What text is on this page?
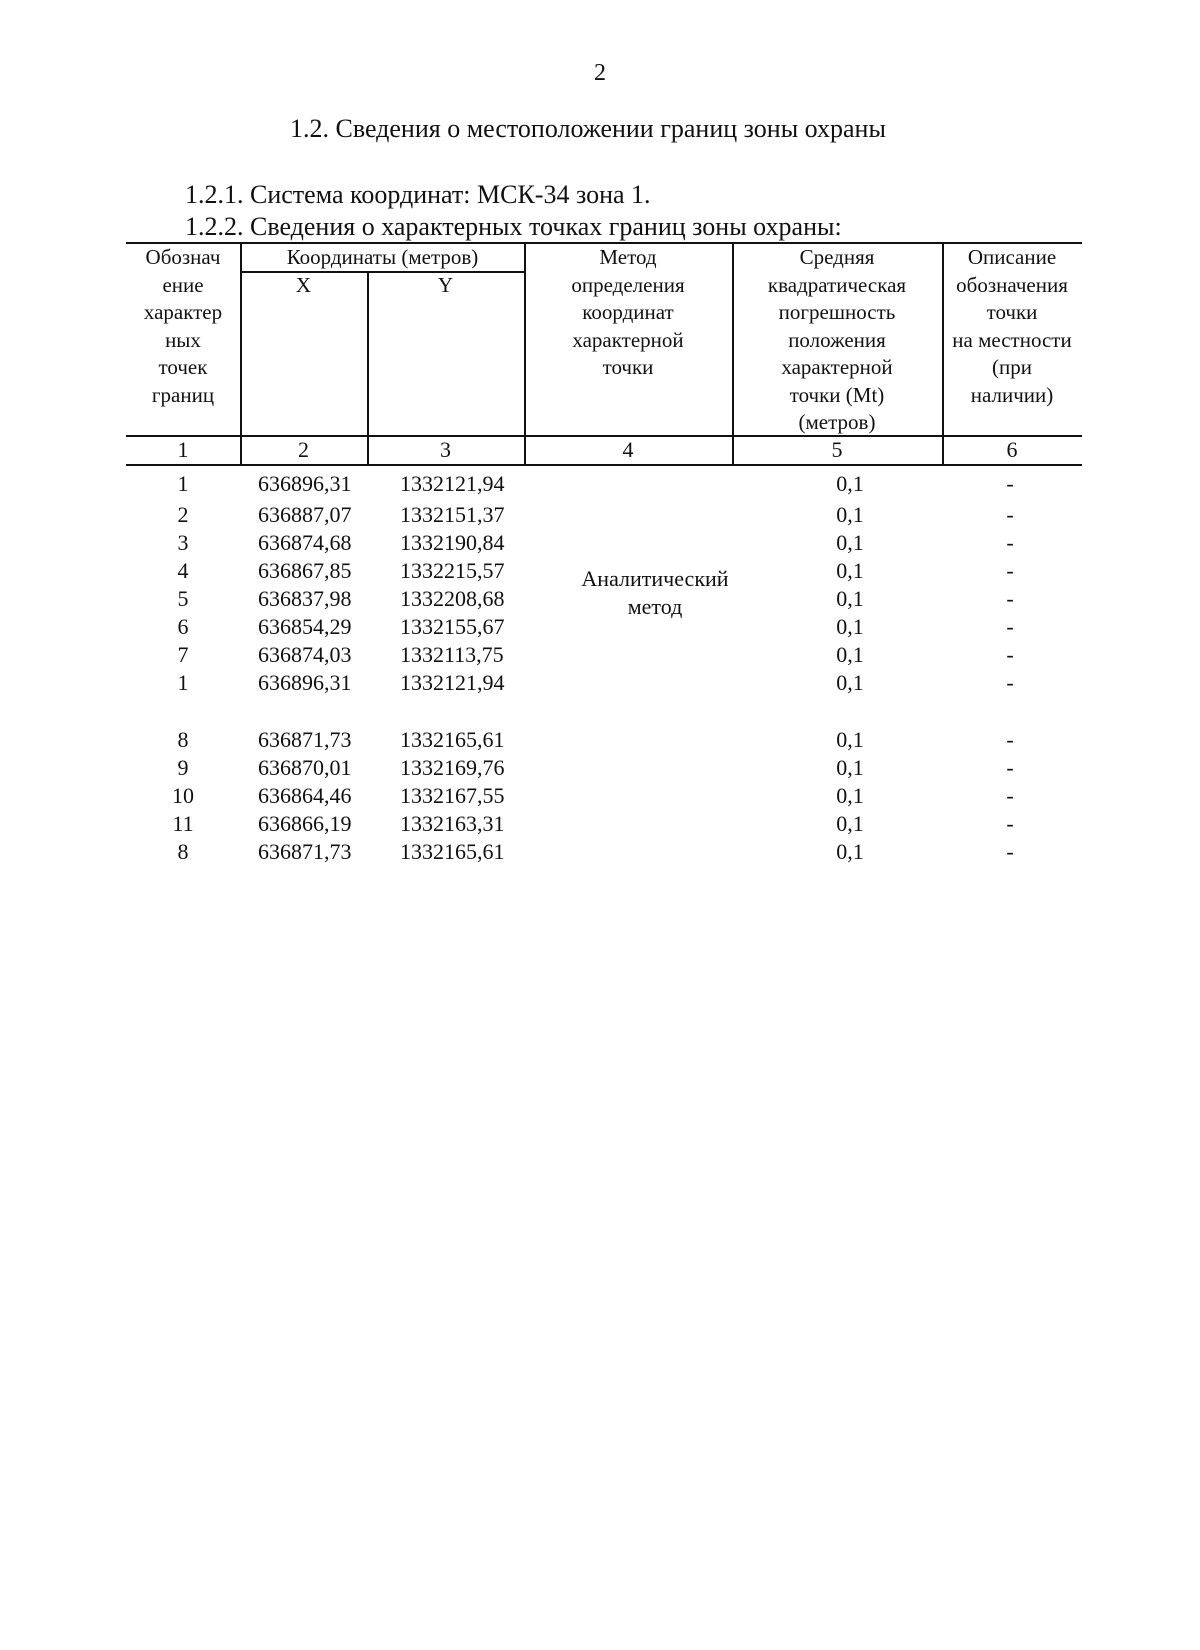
2
1.2. Сведения о местоположении границ зоны охраны
1.2.1. Система координат: МСК-34 зона 1.
1.2.2. Сведения о характерных точках границ зоны охраны:
Обознач
ение
характер
ных
точек
границ
Координаты (метров)
X	Y
Метод
определения
координат
характерной
точки
Средняя
квадратическая
погрешность
положения
характерной
точки (Mt)
(метров)
Описание
обозначения
точки
на местности
(при
наличии)
1	2	3	4	5	6
Аналитический
метод
1	636896,31 1332121,94	0,1	-
2	636887,07 1332151,37	0,1	-
3	636874,68 1332190,84	0,1	-
4	636867,85 1332215,57	0,1	-
5	636837,98 1332208,68	0,1	-
6	636854,29 1332155,67	0,1	-
7	636874,03 1332113,75	0,1	-
1	636896,31 1332121,94	0,1	-
8	636871,73 1332165,61	0,1	-
9	636870,01 1332169,76	0,1	-
10	636864,46 1332167,55	0,1	-
11	636866,19 1332163,31	0,1	-
8	636871,73 1332165,61	0,1	-
